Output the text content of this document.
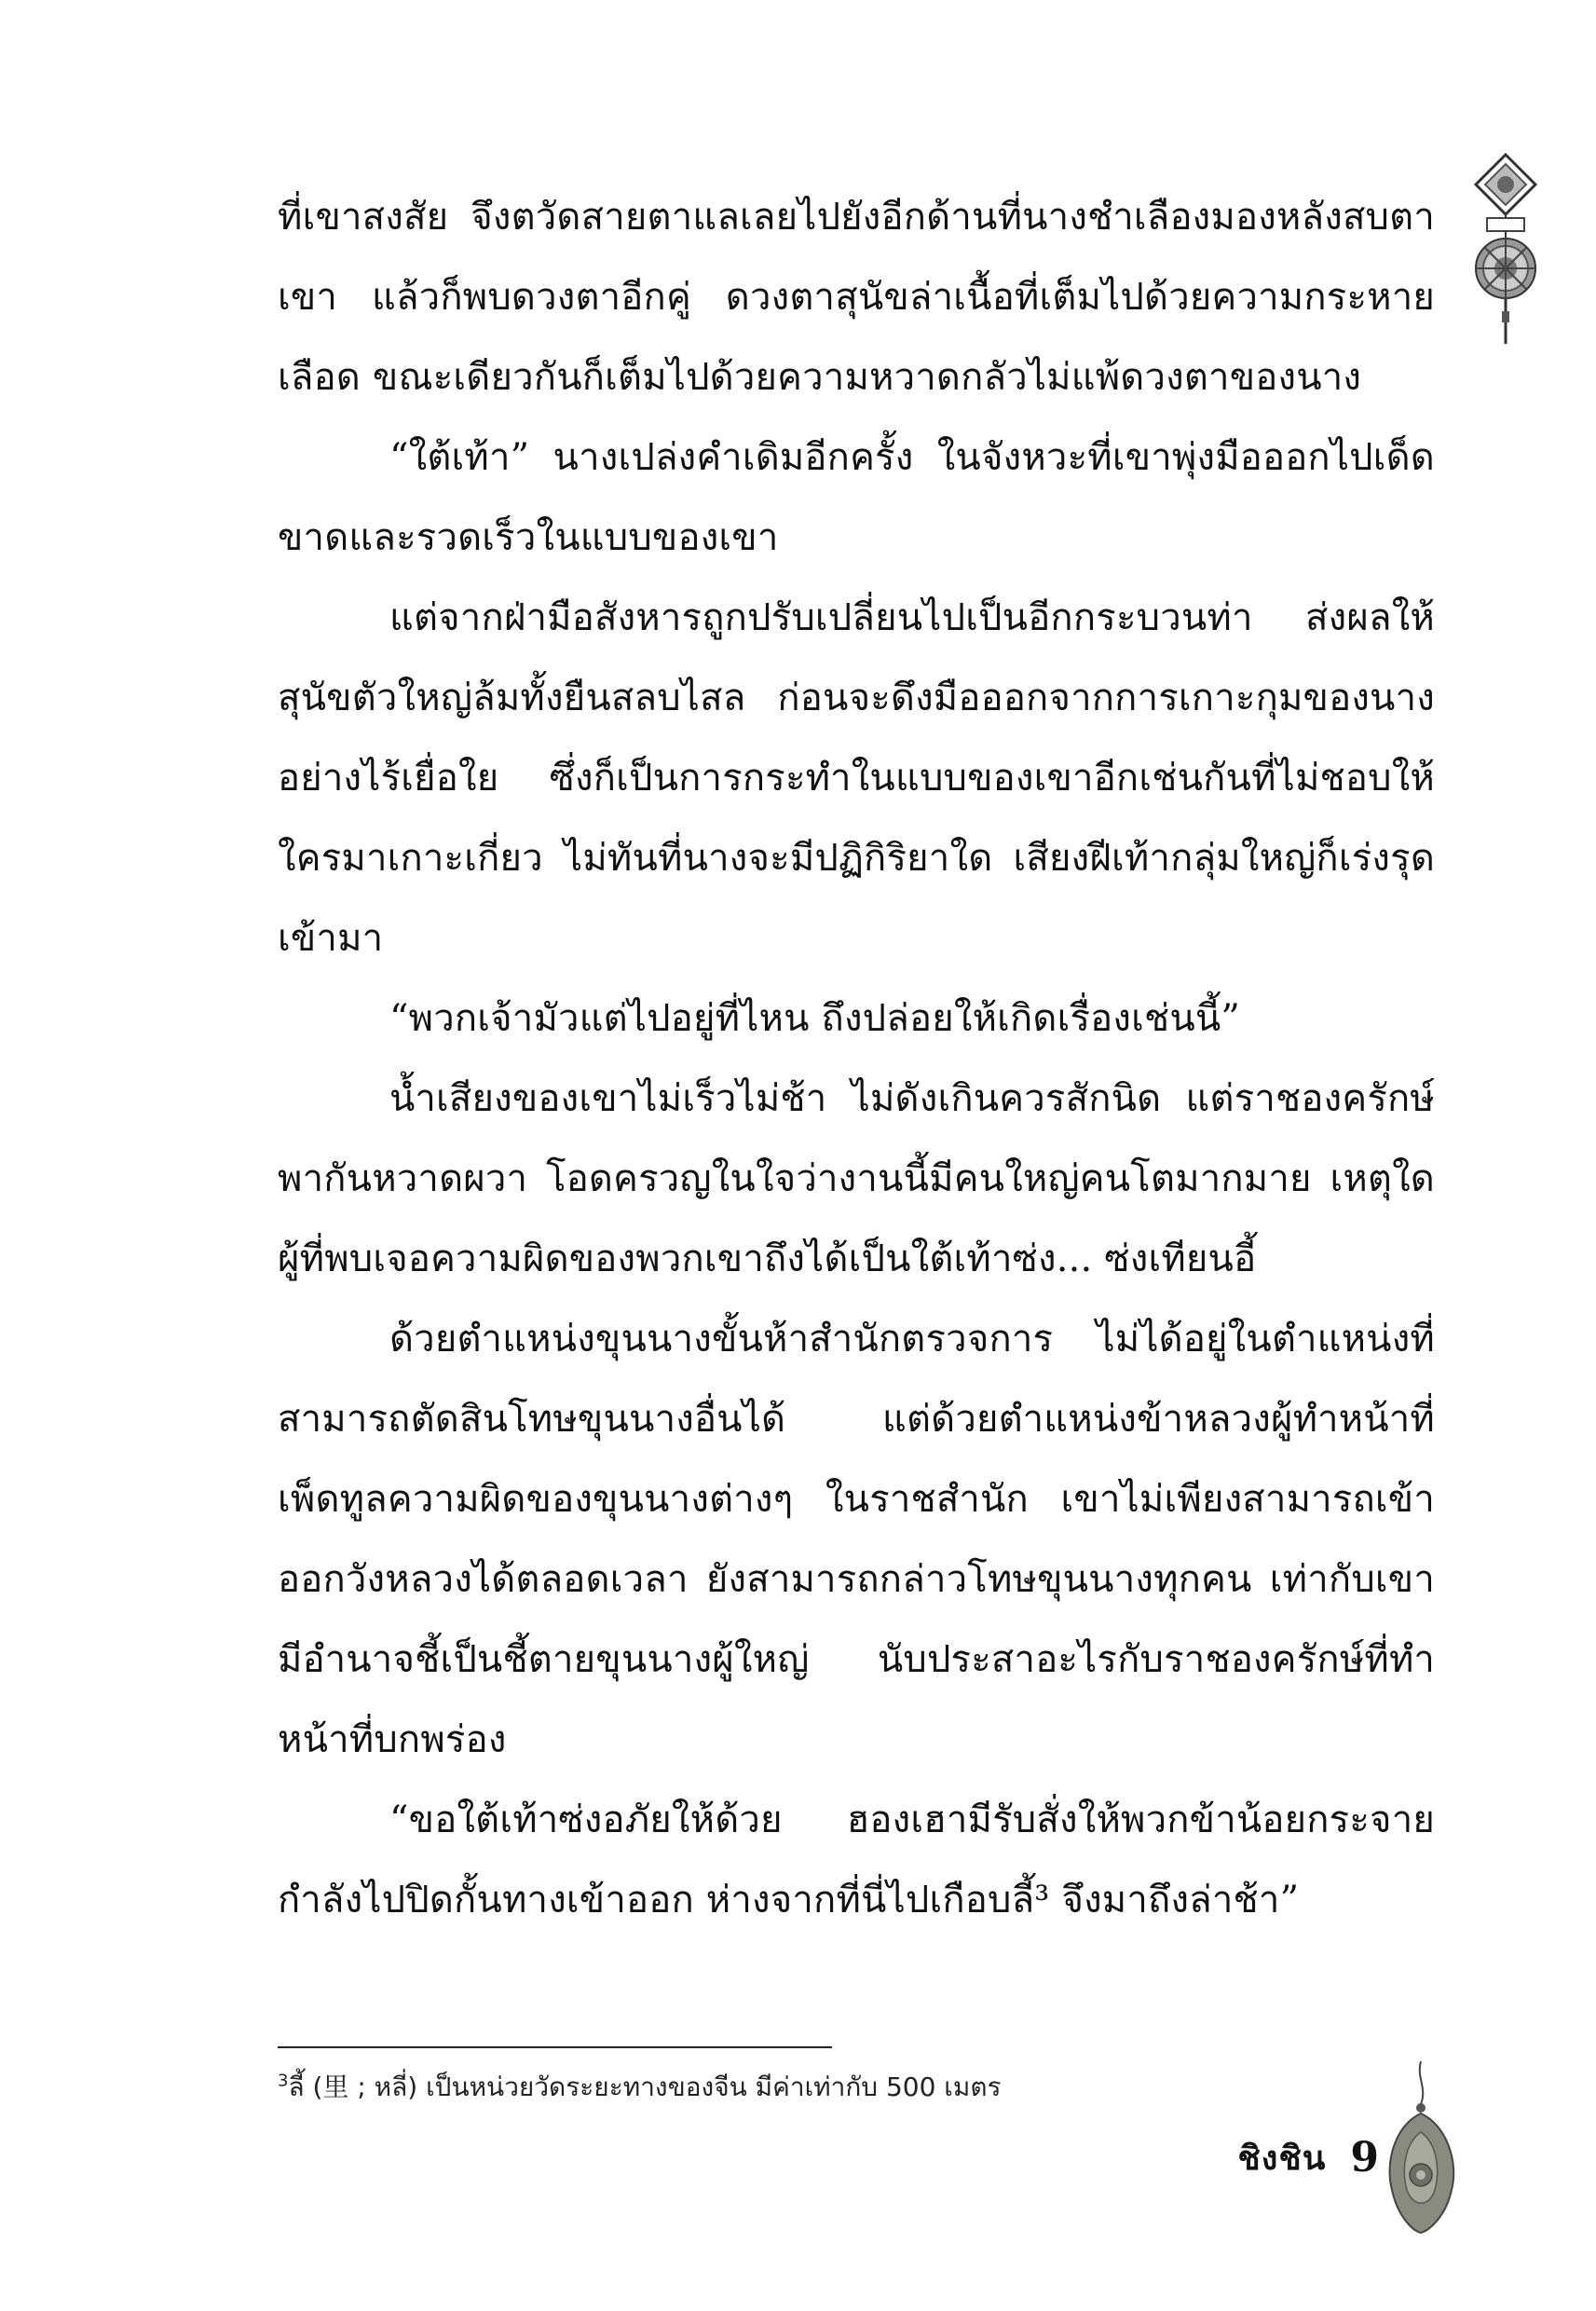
ที่เขาสงสัย จึงตวัดสายตาแลเลยไปยังอีกด้านที่นางชำเลืองมองหลังสบตาเขา แล้วก็พบดวงตาอีกคู่ ดวงตาสุนัขล่าเนื้อที่เต็มไปด้วยความกระหายเลือด ขณะเดียวกันก็เต็มไปด้วยความหวาดกลัวไม่แพ้ดวงตาของนาง

“ใต้เท้า” นางเปล่งคำเดิมอีกครั้ง ในจังหวะที่เขาพุ่งมือออกไปเด็ดขาดและรวดเร็วในแบบของเขา

แต่จากฝ่ามือสังหารถูกปรับเปลี่ยนไปเป็นอีกกระบวนท่า ส่งผลให้สุนัขตัวใหญ่ล้มทั้งยืนสลบไสล ก่อนจะดึงมือออกจากการเกาะกุมของนางอย่างไร้เยื่อใย ซึ่งก็เป็นการกระทำในแบบของเขาอีกเช่นกันที่ไม่ชอบให้ใครมาเกาะเกี่ยว ไม่ทันที่นางจะมีปฏิกิริยาใด เสียงฝีเท้ากลุ่มใหญ่ก็เร่งรุดเข้ามา

“พวกเจ้ามัวแต่ไปอยู่ที่ไหน ถึงปล่อยให้เกิดเรื่องเช่นนี้”

น้ำเสียงของเขาไม่เร็วไม่ช้า ไม่ดังเกินควรสักนิด แต่ราชองครักษ์พากันหวาดผวา โอดครวญในใจว่างานนี้มีคนใหญ่คนโตมากมาย เหตุใดผู้ที่พบเจอความผิดของพวกเขาถึงได้เป็นใต้เท้าซ่ง... ซ่งเทียนอี้

ด้วยตำแหน่งขุนนางขั้นห้าสำนักตรวจการ ไม่ได้อยู่ในตำแหน่งที่สามารถตัดสินโทษขุนนางอื่นได้ แต่ด้วยตำแหน่งข้าหลวงผู้ทำหน้าที่เพ็ดทูลความผิดของขุนนางต่างๆ ในราชสำนัก เขาไม่เพียงสามารถเข้าออกวังหลวงได้ตลอดเวลา ยังสามารถกล่าวโทษขุนนางทุกคน เท่ากับเขามีอำนาจชี้เป็นชี้ตายขุนนางผู้ใหญ่ นับประสาอะไรกับราชองครักษ์ที่ทำหน้าที่บกพร่อง

“ขอใต้เท้าซ่งอภัยให้ด้วย ฮองเฮามีรับสั่งให้พวกข้าน้อยกระจายกำลังไปปิดกั้นทางเข้าออก ห่างจากที่นี่ไปเกือบลี้³ จึงมาถึงล่าช้า”

$^3$ลี้ (里 ; หลี่) เป็นหน่วยวัดระยะทางของจีน มีค่าเท่ากับ 500 เมตร
ชิงชิน 9
